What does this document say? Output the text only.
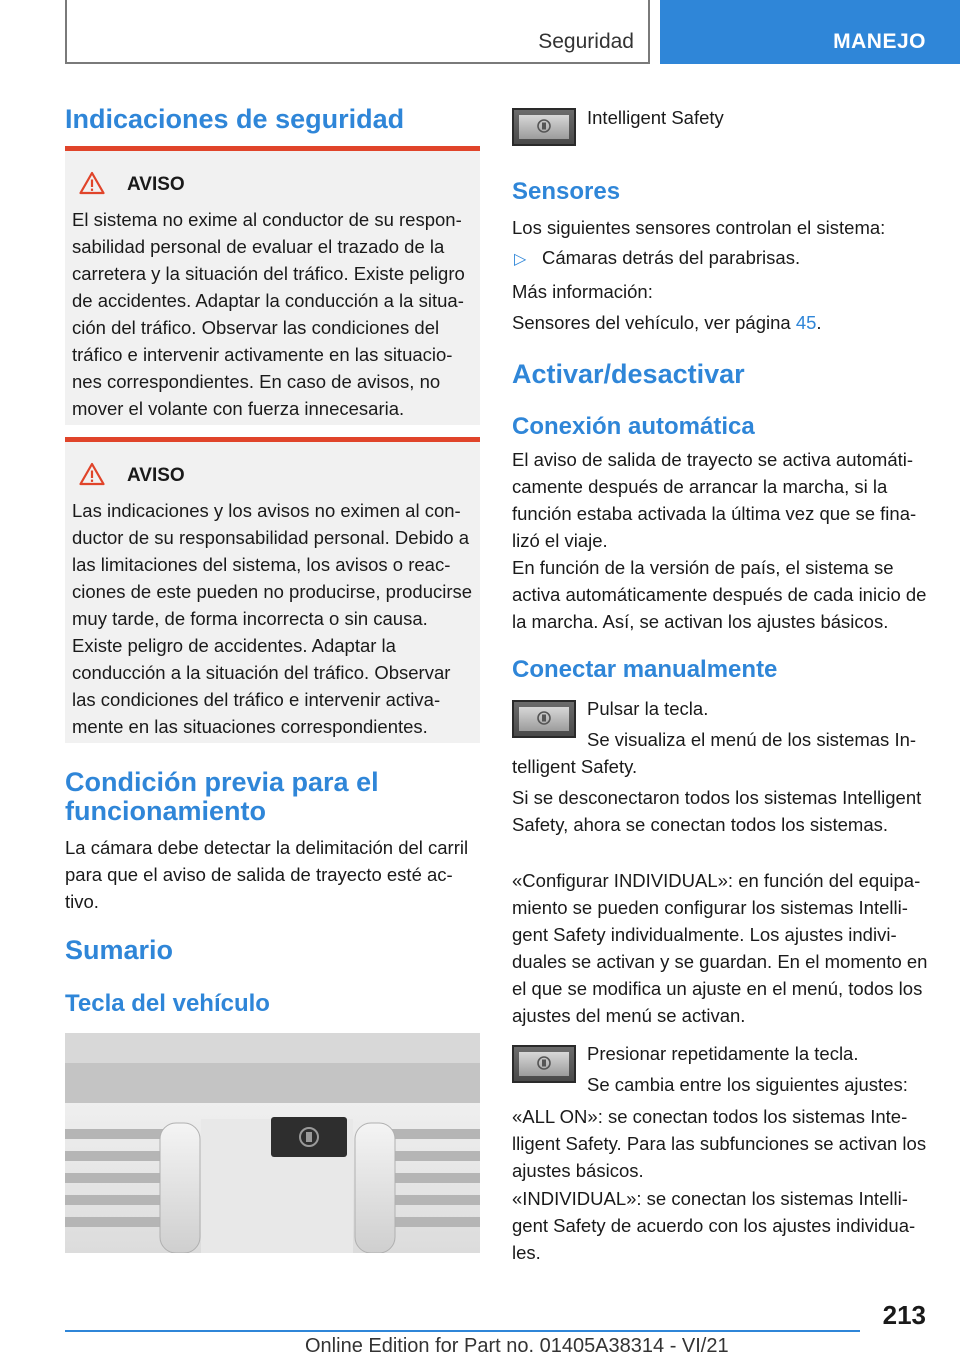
Seguridad	MANEJO
Indicaciones de seguridad
AVISO
El sistema no exime al conductor de su responsabilidad personal de evaluar el trazado de la carretera y la situación del tráfico. Existe peligro de accidentes. Adaptar la conducción a la situación del tráfico. Observar las condiciones del tráfico e intervenir activamente en las situaciones correspondientes. En caso de avisos, no mover el volante con fuerza innecesaria.
AVISO
Las indicaciones y los avisos no eximen al conductor de su responsabilidad personal. Debido a las limitaciones del sistema, los avisos o reacciones de este pueden no producirse, producirse muy tarde, de forma incorrecta o sin causa. Existe peligro de accidentes. Adaptar la conducción a la situación del tráfico. Observar las condiciones del tráfico e intervenir activamente en las situaciones correspondientes.
Condición previa para el funcionamiento
La cámara debe detectar la delimitación del carril para que el aviso de salida de trayecto esté activo.
Sumario
Tecla del vehículo
Intelligent Safety
Sensores
Los siguientes sensores controlan el sistema:
▷ Cámaras detrás del parabrisas.
Más información:
Sensores del vehículo, ver página 45.
Activar/desactivar
Conexión automática
El aviso de salida de trayecto se activa automáticamente después de arrancar la marcha, si la función estaba activada la última vez que se finalizó el viaje.
En función de la versión de país, el sistema se activa automáticamente después de cada inicio de la marcha. Así, se activan los ajustes básicos.
Conectar manualmente
Pulsar la tecla.
Se visualiza el menú de los sistemas Intelligent Safety.
Si se desconectaron todos los sistemas Intelligent Safety, ahora se conectan todos los sistemas.
«Configurar INDIVIDUAL»: en función del equipamiento se pueden configurar los sistemas Intelligent Safety individualmente. Los ajustes individuales se activan y se guardan. En el momento en el que se modifica un ajuste en el menú, todos los ajustes del menú se activan.
Presionar repetidamente la tecla.
Se cambia entre los siguientes ajustes:
«ALL ON»: se conectan todos los sistemas Intelligent Safety. Para las subfunciones se activan los ajustes básicos.
«INDIVIDUAL»: se conectan los sistemas Intelligent Safety de acuerdo con los ajustes individuales.
213
Online Edition for Part no. 01405A38314 - VI/21
